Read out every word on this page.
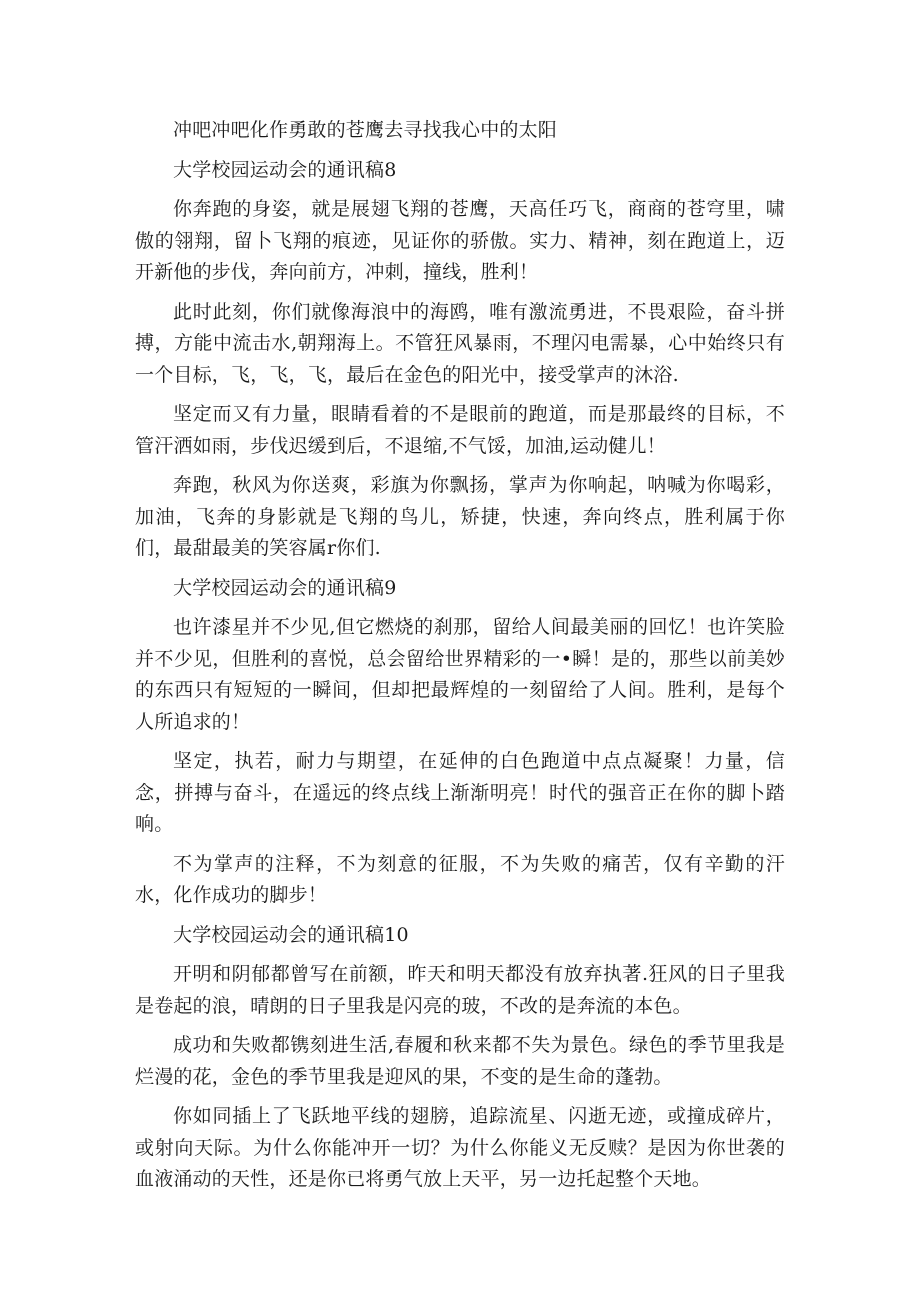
冲吧冲吧化作勇敢的苍鹰去寻找我心中的太阳

大学校园运动会的通讯稿8

你奔跑的身姿，就是展翅飞翔的苍鹰，天高任巧飞，商商的苍穹里，啸傲的翎翔，留卜飞翔的痕迹，见证你的骄傲。实力、精神，刻在跑道上，迈开新他的步伐，奔向前方，冲刺，撞线，胜利！

此时此刻，你们就像海浪中的海鸥，唯有激流勇进，不畏艰险，奋斗拼搏，方能中流击水,朝翔海上。不管狂风暴雨，不理闪电需暴，心中始终只有一个目标，飞，飞，飞，最后在金色的阳光中，接受掌声的沐浴.

坚定而又有力量，眼睛看着的不是眼前的跑道，而是那最终的目标，不管汗洒如雨，步伐迟缓到后，不退缩,不气馁，加油,运动健儿！

奔跑，秋风为你送爽，彩旗为你飘扬，掌声为你响起，呐喊为你喝彩，加油，飞奔的身影就是飞翔的鸟儿，矫捷，快速，奔向终点，胜利属于你们，最甜最美的笑容属r你们.

大学校园运动会的通讯稿9

也许漆星并不少见,但它燃烧的刹那，留给人间最美丽的回忆！也许笑脸并不少见，但胜利的喜悦，总会留给世界精彩的一•瞬！是的，那些以前美妙的东西只有短短的一瞬间，但却把最辉煌的一刻留给了人间。胜利，是每个人所追求的！

坚定，执若，耐力与期望，在延伸的白色跑道中点点凝聚！力量，信念，拼搏与奋斗，在遥远的终点线上渐渐明亮！时代的强音正在你的脚卜踏响。

不为掌声的注释，不为刻意的征服，不为失败的痛苦，仅有辛勤的汗水，化作成功的脚步！

大学校园运动会的通讯稿10

开明和阴郁都曾写在前额，昨天和明天都没有放弃执著.狂风的日子里我是卷起的浪，晴朗的日子里我是闪亮的玻，不改的是奔流的本色。

成功和失败都镌刻进生活,春履和秋来都不失为景色。绿色的季节里我是烂漫的花，金色的季节里我是迎风的果，不变的是生命的蓬勃。

你如同插上了飞跃地平线的翅膀，追踪流星、闪逝无迹，或撞成碎片，或射向天际。为什么你能冲开一切？为什么你能义无反赎？是因为你世袭的血液涌动的天性，还是你已将勇气放上天平，另一边托起整个天地。
